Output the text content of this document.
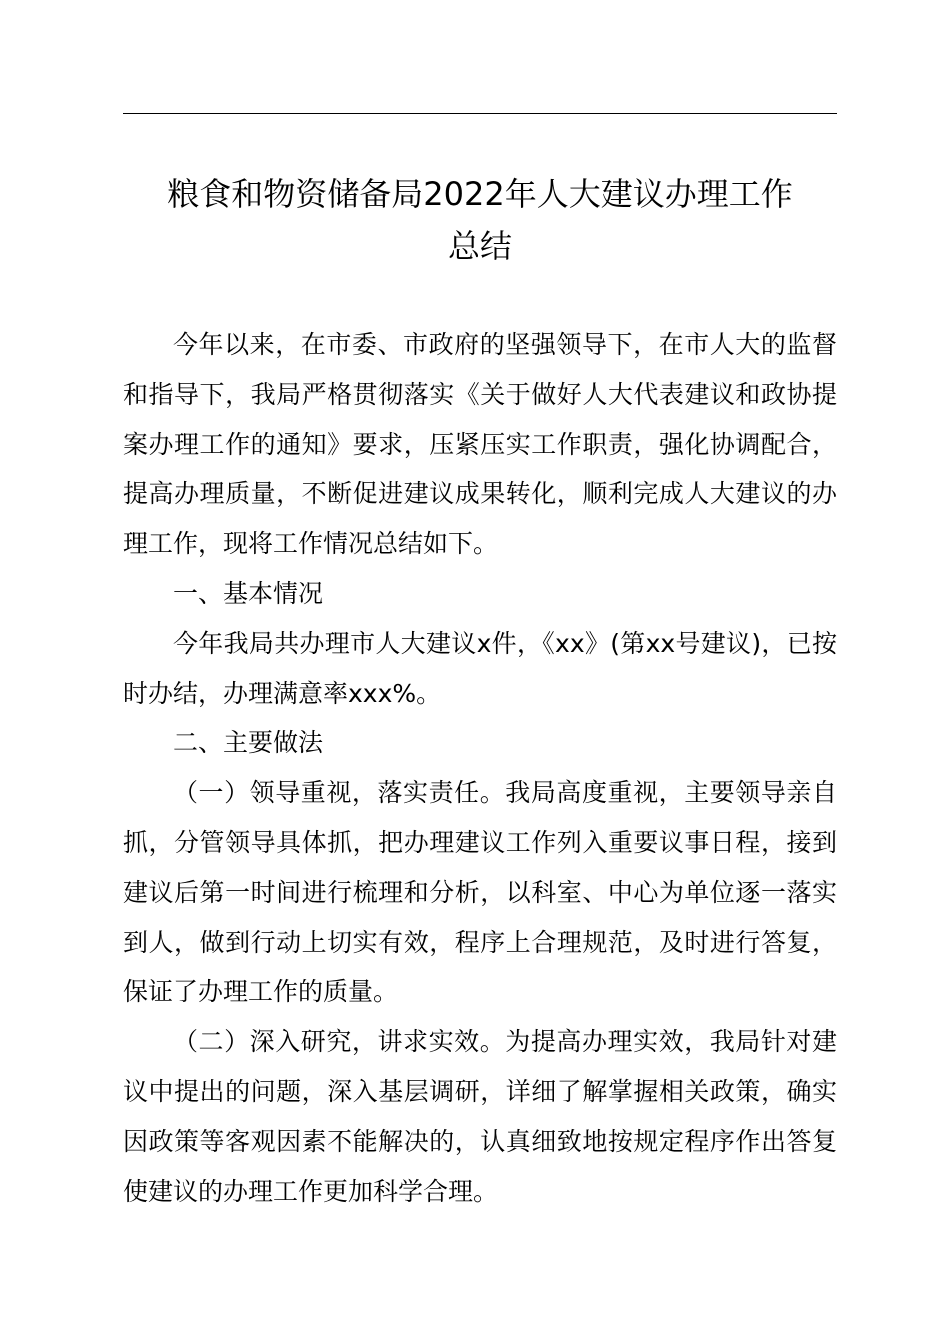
粮食和物资储备局2022年人大建议办理工作
总结

今年以来，在市委、市政府的坚强领导下，在市人大的监督和指导下，我局严格贯彻落实《关于做好人大代表建议和政协提案办理工作的通知》要求，压紧压实工作职责，强化协调配合，提高办理质量，不断促进建议成果转化，顺利完成人大建议的办理工作，现将工作情况总结如下。

一、基本情况

今年我局共办理市人大建议x件，《xx》(第xx号建议)，已按时办结，办理满意率xxx%。

二、主要做法

（一）领导重视，落实责任。我局高度重视，主要领导亲自抓，分管领导具体抓，把办理建议工作列入重要议事日程，接到建议后第一时间进行梳理和分析，以科室、中心为单位逐一落实到人，做到行动上切实有效，程序上合理规范，及时进行答复，保证了办理工作的质量。

（二）深入研究，讲求实效。为提高办理实效，我局针对建议中提出的问题，深入基层调研，详细了解掌握相关政策，确实因政策等客观因素不能解决的，认真细致地按规定程序作出答复使建议的办理工作更加科学合理。
